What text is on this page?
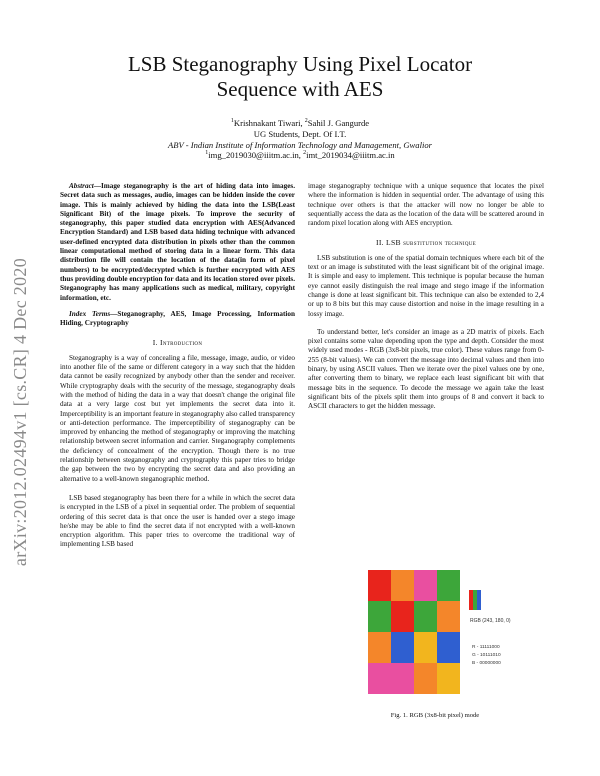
arXiv:2012.02494v1 [cs.CR] 4 Dec 2020
LSB Steganography Using Pixel Locator Sequence with AES
$^1$Krishnakant Tiwari, $^2$Sahil J. Gangurde
UG Students, Dept. Of I.T.
ABV - Indian Institute of Information Technology and Management, Gwalior
$^1$img_2019030@iiitm.ac.in, $^2$imt_2019034@iiitm.ac.in

Abstract—Image steganography is the art of hiding data into images. Secret data such as messages, audio, images can be hidden inside the cover image. This is mainly achieved by hiding the data into the LSB(Least Significant Bit) of the image pixels. To improve the security of steganography, this paper studied data encryption with AES(Advanced Encryption Standard) and LSB based data hiding technique with advanced user-defined encrypted data distribution in pixels other than the common linear computational method of storing data in a linear form. This data distribution file will contain the location of the data(in form of pixel numbers) to be encrypted/decrypted which is further encrypted with AES thus providing double encryption for data and its location stored over pixels. Steganography has many applications such as medical, military, copyright information, etc.

Index Terms—Steganography, AES, Image Processing, Information Hiding, Cryptography

I. Introduction

Steganography is a way of concealing a file, message, image, audio, or video into another file of the same or different category in a way such that the hidden data cannot be easily recognized by anybody other than the sender and receiver. While cryptography deals with the security of the message, steganography deals with the method of hiding the data in a way that doesn't change the original file data at a very large cost but yet implements the secret data into it. Imperceptibility is an important feature in steganography also called transparency or anti-detection performance. The imperceptibility of steganography can be improved by enhancing the method of steganography or improving the matching relationship between secret information and carrier. Steganography complements the deficiency of concealment of the encryption. Though there is no true relationship between steganography and cryptography this paper tries to bridge the gap between the two by encrypting the secret data and also providing an alternative to a well-known steganographic method.

LSB based steganography has been there for a while in which the secret data is encrypted in the LSB of a pixel in sequential order. The problem of sequential ordering of this secret data is that once the user is handed over a stego image he/she may be able to find the secret data if not encrypted with a well-known encryption algorithm. This paper tries to overcome the traditional way of implementing LSB based

image steganography technique with a unique sequence that locates the pixel where the information is hidden in sequential order. The advantage of using this technique over others is that the attacker will now no longer be able to sequentially access the data as the location of the data will be scattered around in random pixel location along with AES encryption.

II. LSB substitution technique

LSB substitution is one of the spatial domain techniques where each bit of the text or an image is substituted with the least significant bit of the original image. It is simple and easy to implement. This technique is popular because the human eye cannot easily distinguish the real image and stego image if the information change is done at least significant bit. This technique can also be extended to 2,4 or up to 8 bits but this may cause distortion and noise in the image resulting in a lossy image.

To understand better, let's consider an image as a 2D matrix of pixels. Each pixel contains some value depending upon the type and depth. Consider the most widely used modes - RGB (3x8-bit pixels, true color). These values range from 0-255 (8-bit values). We can convert the message into decimal values and then into binary, by using ASCII values. Then we iterate over the pixel values one by one, after converting them to binary, we replace each least significant bit with that message bits in the sequence. To decode the message we again take the least significant bits of the pixels split them into groups of 8 and convert it back to ASCII characters to get the hidden message.

RGB (243, 180, 0)
R - 11111000
G - 10111010
B - 00000000
Fig. 1. RGB (3x8-bit pixel) mode
